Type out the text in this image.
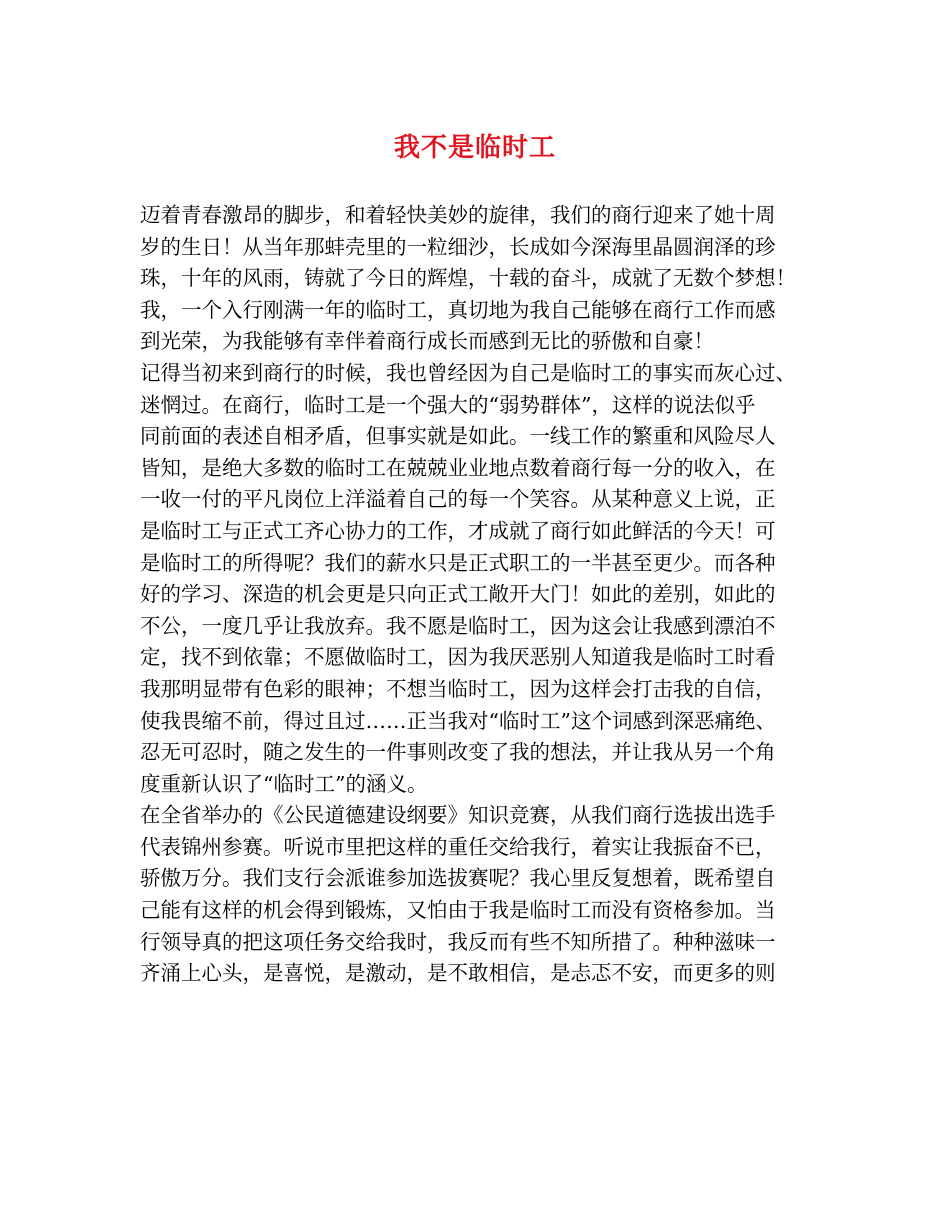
我不是临时工
迈着青春激昂的脚步，和着轻快美妙的旋律，我们的商行迎来了她十周
岁的生日！从当年那蚌壳里的一粒细沙，长成如今深海里晶圆润泽的珍
珠，十年的风雨，铸就了今日的辉煌，十载的奋斗，成就了无数个梦想！
我，一个入行刚满一年的临时工，真切地为我自己能够在商行工作而感
到光荣，为我能够有幸伴着商行成长而感到无比的骄傲和自豪！
记得当初来到商行的时候，我也曾经因为自己是临时工的事实而灰心过、
迷惘过。在商行，临时工是一个强大的“弱势群体”，这样的说法似乎
同前面的表述自相矛盾，但事实就是如此。一线工作的繁重和风险尽人
皆知，是绝大多数的临时工在兢兢业业地点数着商行每一分的收入，在
一收一付的平凡岗位上洋溢着自己的每一个笑容。从某种意义上说，正
是临时工与正式工齐心协力的工作，才成就了商行如此鲜活的今天！可
是临时工的所得呢？我们的薪水只是正式职工的一半甚至更少。而各种
好的学习、深造的机会更是只向正式工敞开大门！如此的差别，如此的
不公，一度几乎让我放弃。我不愿是临时工，因为这会让我感到漂泊不
定，找不到依靠；不愿做临时工，因为我厌恶别人知道我是临时工时看
我那明显带有色彩的眼神；不想当临时工，因为这样会打击我的自信，
使我畏缩不前，得过且过……正当我对“临时工”这个词感到深恶痛绝、
忍无可忍时，随之发生的一件事则改变了我的想法，并让我从另一个角
度重新认识了“临时工”的涵义。
在全省举办的《公民道德建设纲要》知识竞赛，从我们商行选拔出选手
代表锦州参赛。听说市里把这样的重任交给我行，着实让我振奋不已，
骄傲万分。我们支行会派谁参加选拔赛呢？我心里反复想着，既希望自
己能有这样的机会得到锻炼，又怕由于我是临时工而没有资格参加。当
行领导真的把这项任务交给我时，我反而有些不知所措了。种种滋味一
齐涌上心头，是喜悦，是激动，是不敢相信，是忐忑不安，而更多的则
